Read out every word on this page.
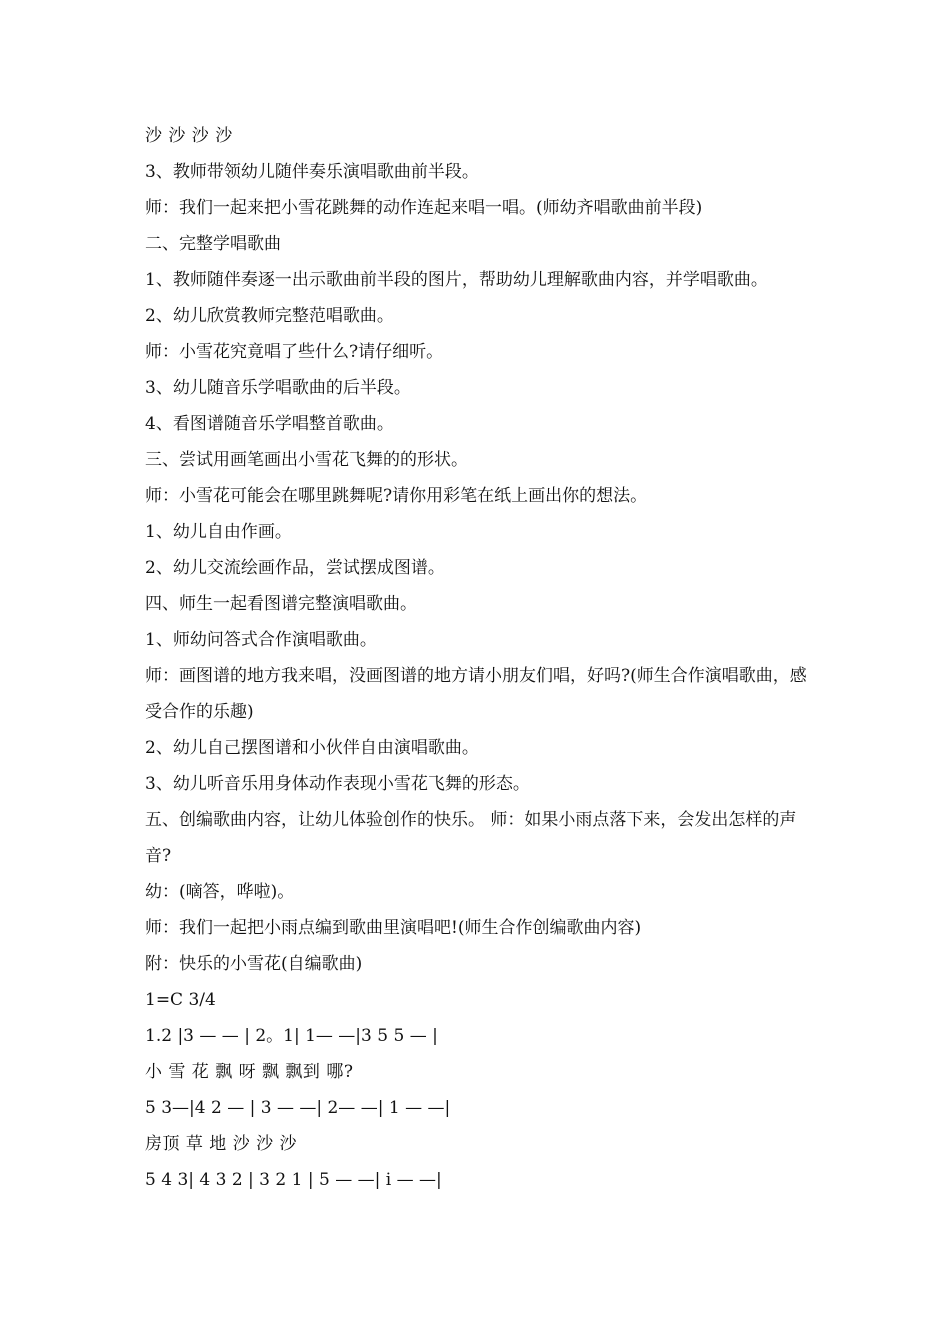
沙 沙 沙 沙
3、教师带领幼儿随伴奏乐演唱歌曲前半段。
师：我们一起来把小雪花跳舞的动作连起来唱一唱。(师幼齐唱歌曲前半段)
二、完整学唱歌曲
1、教师随伴奏逐一出示歌曲前半段的图片，帮助幼儿理解歌曲内容，并学唱歌曲。
2、幼儿欣赏教师完整范唱歌曲。
师：小雪花究竟唱了些什么?请仔细听。
3、幼儿随音乐学唱歌曲的后半段。
4、看图谱随音乐学唱整首歌曲。
三、尝试用画笔画出小雪花飞舞的的形状。
师：小雪花可能会在哪里跳舞呢?请你用彩笔在纸上画出你的想法。
1、幼儿自由作画。
2、幼儿交流绘画作品，尝试摆成图谱。
四、师生一起看图谱完整演唱歌曲。
1、师幼问答式合作演唱歌曲。
师：画图谱的地方我来唱，没画图谱的地方请小朋友们唱，好吗?(师生合作演唱歌曲，感受合作的乐趣)
2、幼儿自己摆图谱和小伙伴自由演唱歌曲。
3、幼儿听音乐用身体动作表现小雪花飞舞的形态。
五、创编歌曲内容，让幼儿体验创作的快乐。 师：如果小雨点落下来，会发出怎样的声音?
幼：(嘀答，哗啦)。
师：我们一起把小雨点编到歌曲里演唱吧!(师生合作创编歌曲内容)
附：快乐的小雪花(自编歌曲)
1=C 3/4
1.2 |3 — — | 2。1| 1— —|3 5 5 — |
小 雪 花 飘 呀 飘 飘到 哪?
5 3—|4 2 — | 3 — —| 2— —| 1 — —|
房顶 草 地 沙 沙 沙
5 4 3| 4 3 2 | 3 2 1 | 5 — —| i — —|
